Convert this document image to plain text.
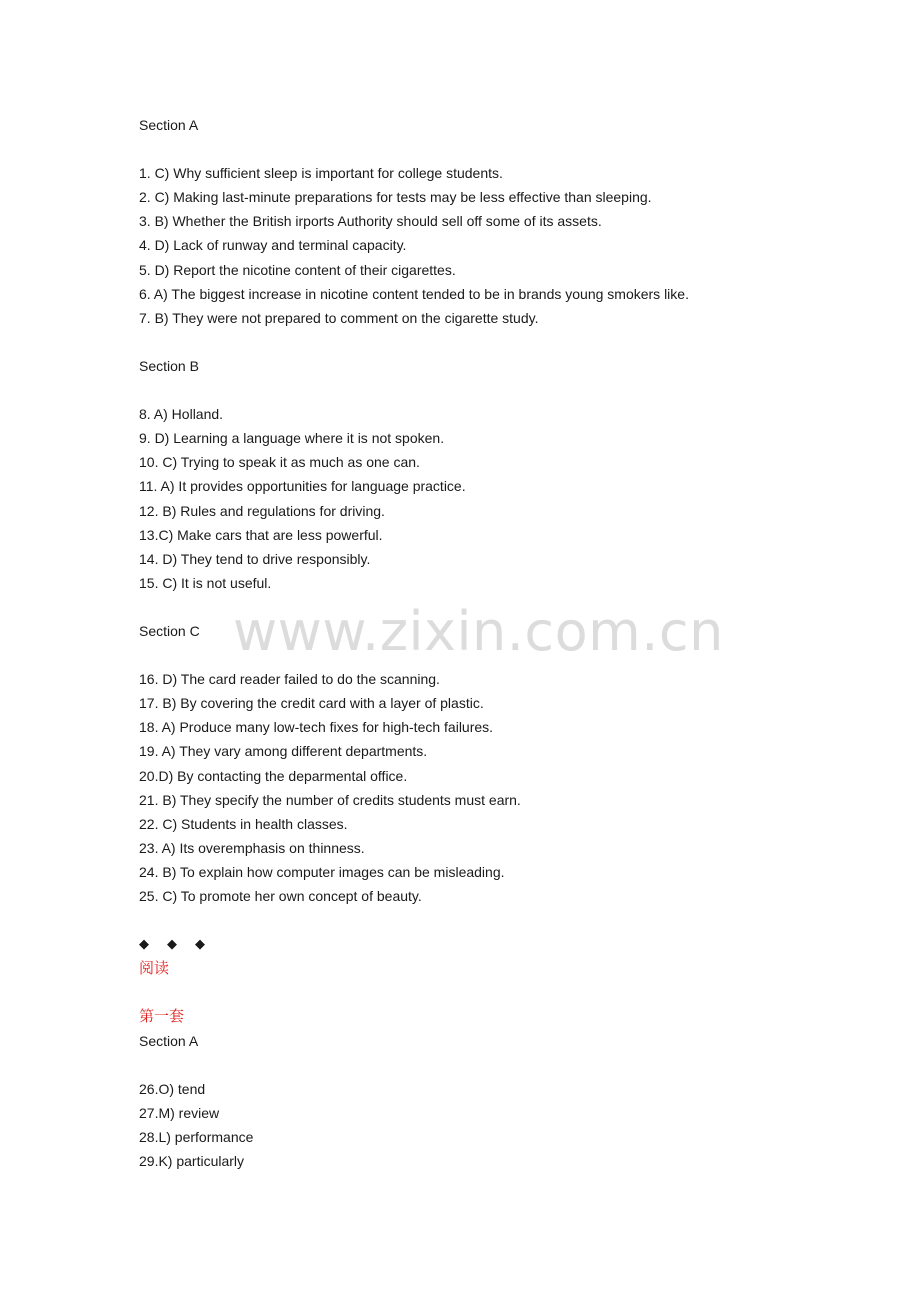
Section A
1. C) Why sufficient sleep is important for college students.
2. C) Making last-minute preparations for tests may be less effective than sleeping.
3. B) Whether the British irports Authority should sell off some of its assets.
4. D) Lack of runway and terminal capacity.
5. D) Report the nicotine content of their cigarettes.
6. A) The biggest increase in nicotine content tended to be in brands young smokers like.
7. B) They were not prepared to comment on the cigarette study.
Section B
8. A) Holland.
9. D) Learning a language where it is not spoken.
10. C) Trying to speak it as much as one can.
11. A) It provides opportunities for language practice.
12. B) Rules and regulations for driving.
13.C) Make cars that are less powerful.
14. D) They tend to drive responsibly.
15. C) It is not useful.
Section C
16. D) The card reader failed to do the scanning.
17. B) By covering the credit card with a layer of plastic.
18. A) Produce many low-tech fixes for high-tech failures.
19. A) They vary among different departments.
20.D) By contacting the deparmental office.
21. B) They specify the number of credits students must earn.
22. C) Students in health classes.
23. A) Its overemphasis on thinness.
24. B) To explain how computer images can be misleading.
25. C) To promote her own concept of beauty.
◆ ◆ ◆
阅读
第一套
Section A
26.O) tend
27.M) review
28.L) performance
29.K) particularly
www.zixin.com.cn
